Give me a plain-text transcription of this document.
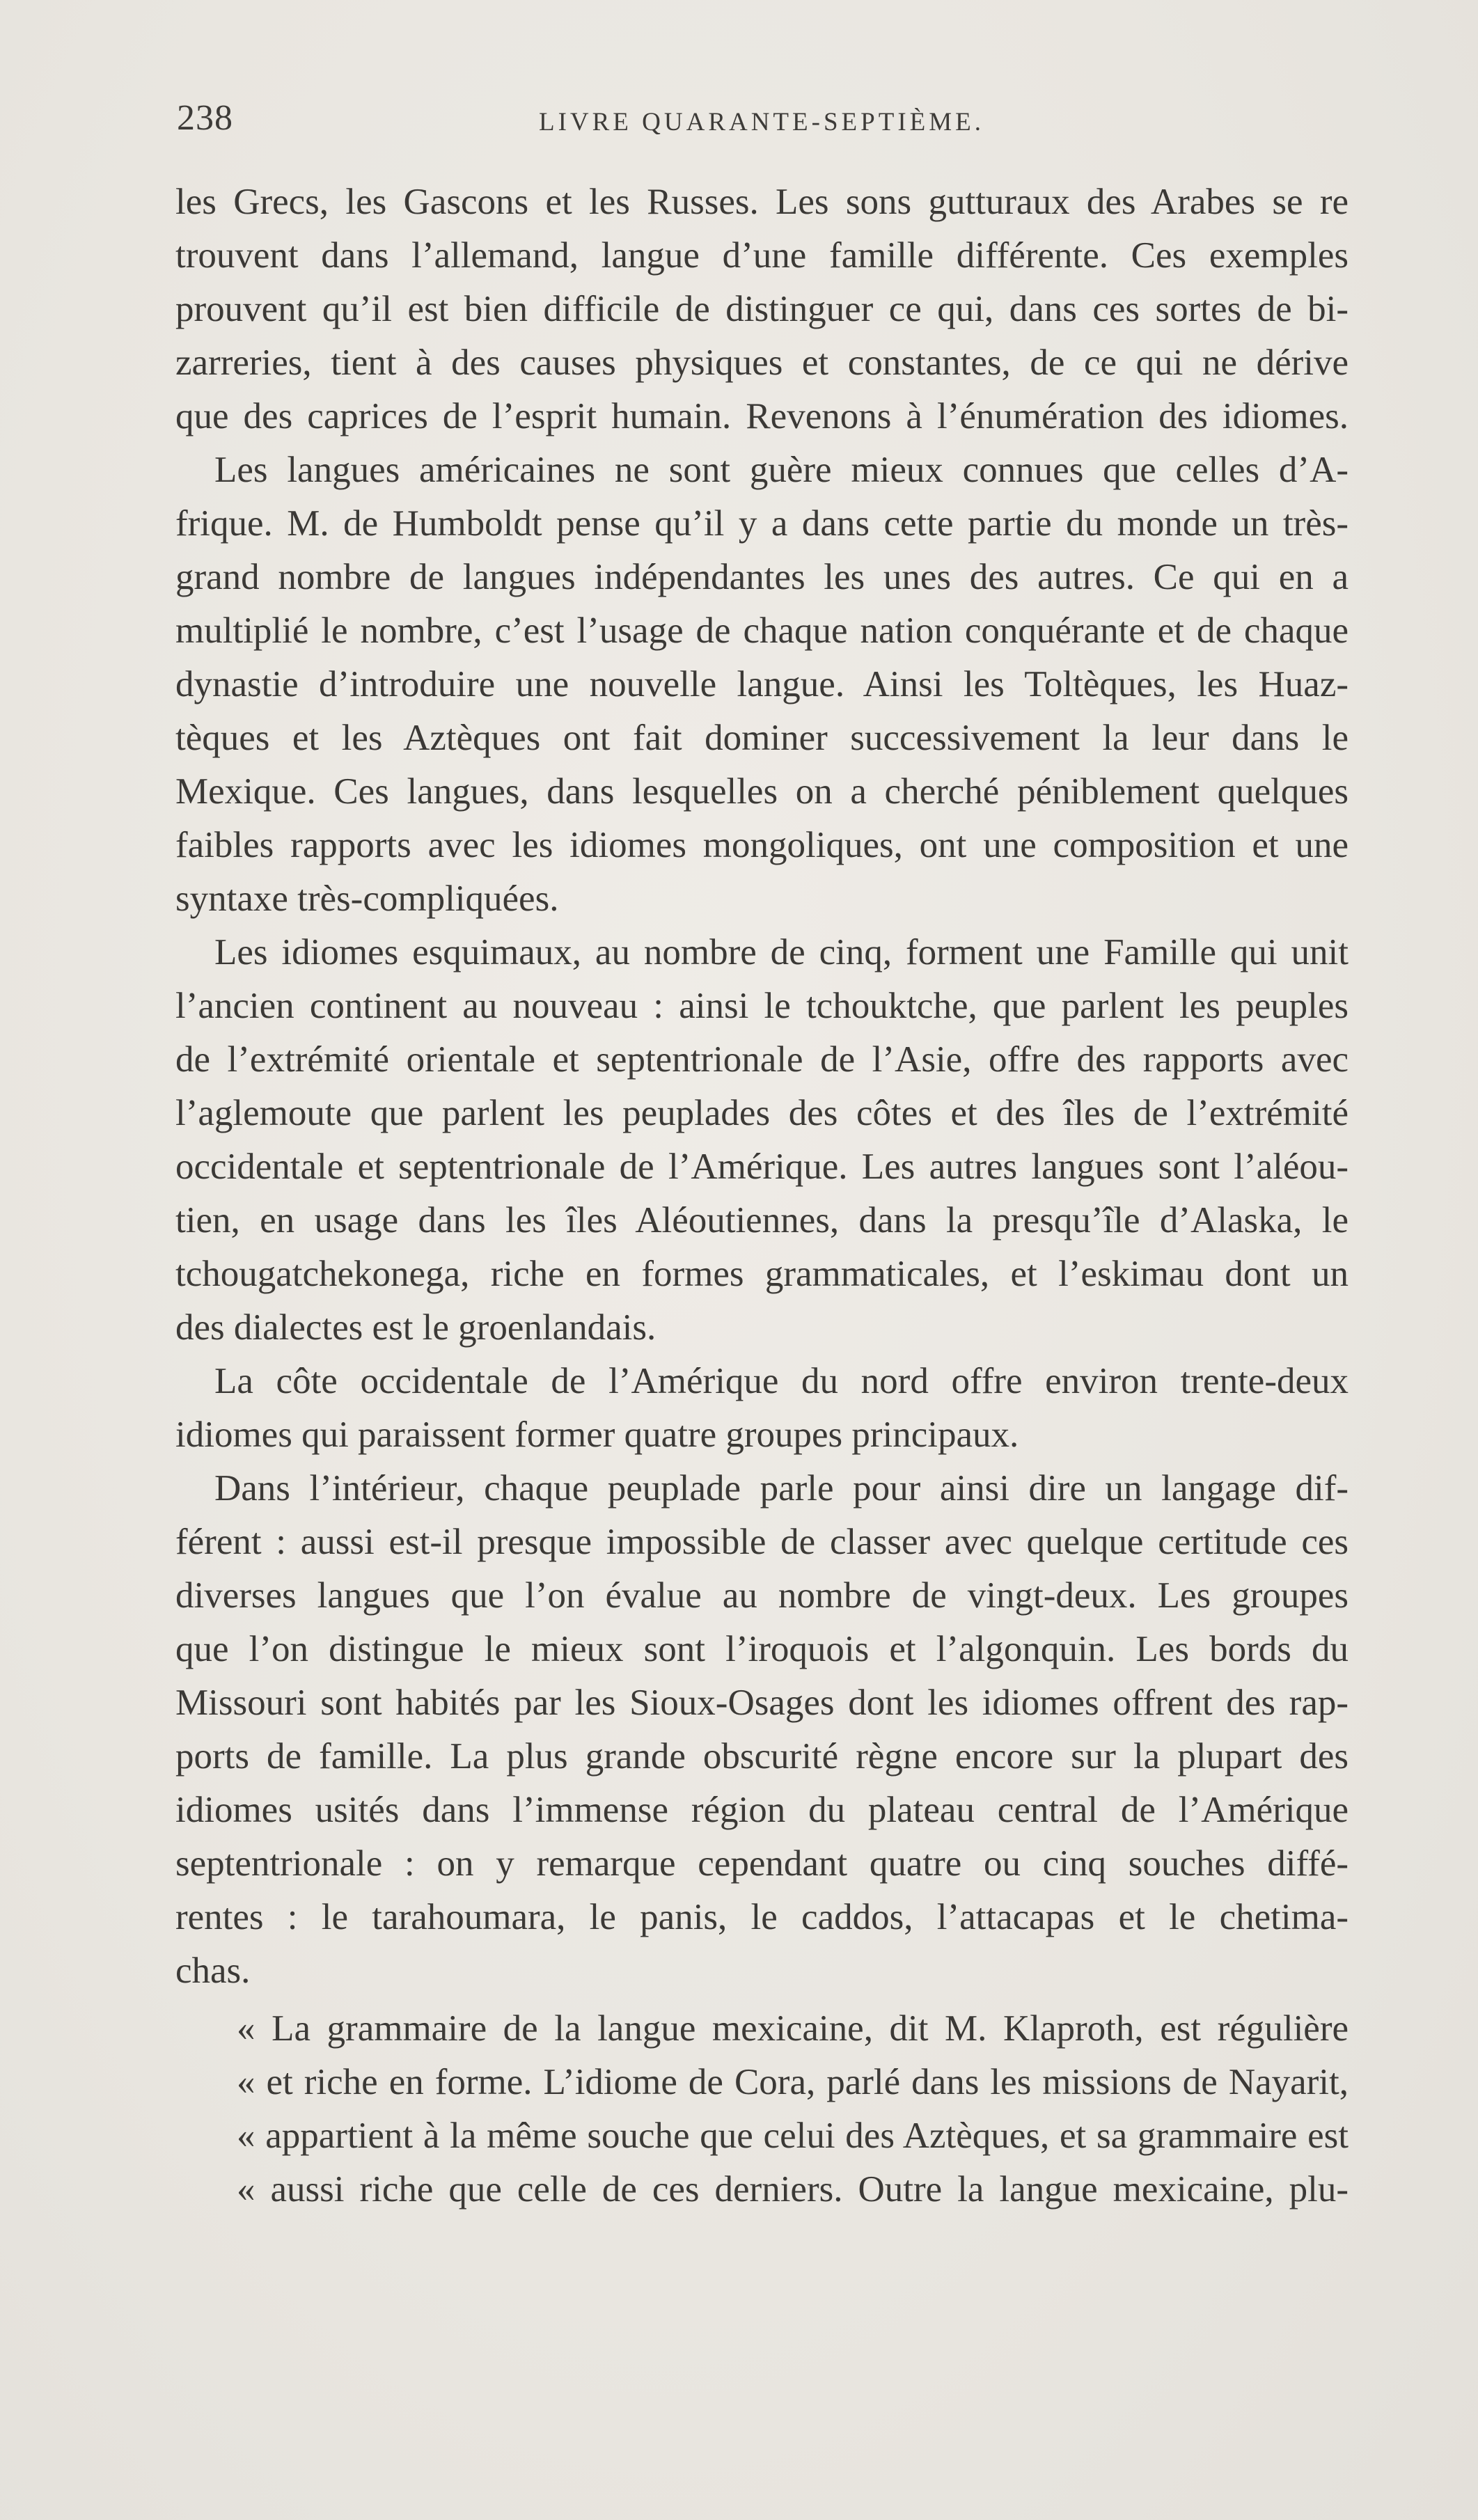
238	LIVRE QUARANTE-SEPTIÈME.
les Grecs, les Gascons et les Russes. Les sons gutturaux des Arabes se re
trouvent dans l’allemand, langue d’une famille différente. Ces exemples
prouvent qu’il est bien difficile de distinguer ce qui, dans ces sortes de bi-
zarreries, tient à des causes physiques et constantes, de ce qui ne dérive
que des caprices de l’esprit humain. Revenons à l’énumération des idiomes.
Les langues américaines ne sont guère mieux connues que celles d’A-
frique. M. de Humboldt pense qu’il y a dans cette partie du monde un très-
grand nombre de langues indépendantes les unes des autres. Ce qui en a
multiplié le nombre, c’est l’usage de chaque nation conquérante et de chaque
dynastie d’introduire une nouvelle langue. Ainsi les Toltèques, les Huaz-
tèques et les Aztèques ont fait dominer successivement la leur dans le
Mexique. Ces langues, dans lesquelles on a cherché péniblement quelques
faibles rapports avec les idiomes mongoliques, ont une composition et une
syntaxe très-compliquées.
Les idiomes esquimaux, au nombre de cinq, forment une Famille qui unit
l’ancien continent au nouveau : ainsi le tchouktche, que parlent les peuples
de l’extrémité orientale et septentrionale de l’Asie, offre des rapports avec
l’aglemoute que parlent les peuplades des côtes et des îles de l’extrémité
occidentale et septentrionale de l’Amérique. Les autres langues sont l’aléou-
tien, en usage dans les îles Aléoutiennes, dans la presqu’île d’Alaska, le
tchougatchekonega, riche en formes grammaticales, et l’eskimau dont un
des dialectes est le groenlandais.
La côte occidentale de l’Amérique du nord offre environ trente-deux
idiomes qui paraissent former quatre groupes principaux.
Dans l’intérieur, chaque peuplade parle pour ainsi dire un langage dif-
férent : aussi est-il presque impossible de classer avec quelque certitude ces
diverses langues que l’on évalue au nombre de vingt-deux. Les groupes
que l’on distingue le mieux sont l’iroquois et l’algonquin. Les bords du
Missouri sont habités par les Sioux-Osages dont les idiomes offrent des rap-
ports de famille. La plus grande obscurité règne encore sur la plupart des
idiomes usités dans l’immense région du plateau central de l’Amérique
septentrionale : on y remarque cependant quatre ou cinq souches diffé-
rentes : le tarahoumara, le panis, le caddos, l’attacapas et le chetima-
chas.
« La grammaire de la langue mexicaine, dit M. Klaproth, est régulière
« et riche en forme. L’idiome de Cora, parlé dans les missions de Nayarit,
« appartient à la même souche que celui des Aztèques, et sa grammaire est
« aussi riche que celle de ces derniers. Outre la langue mexicaine, plu-
